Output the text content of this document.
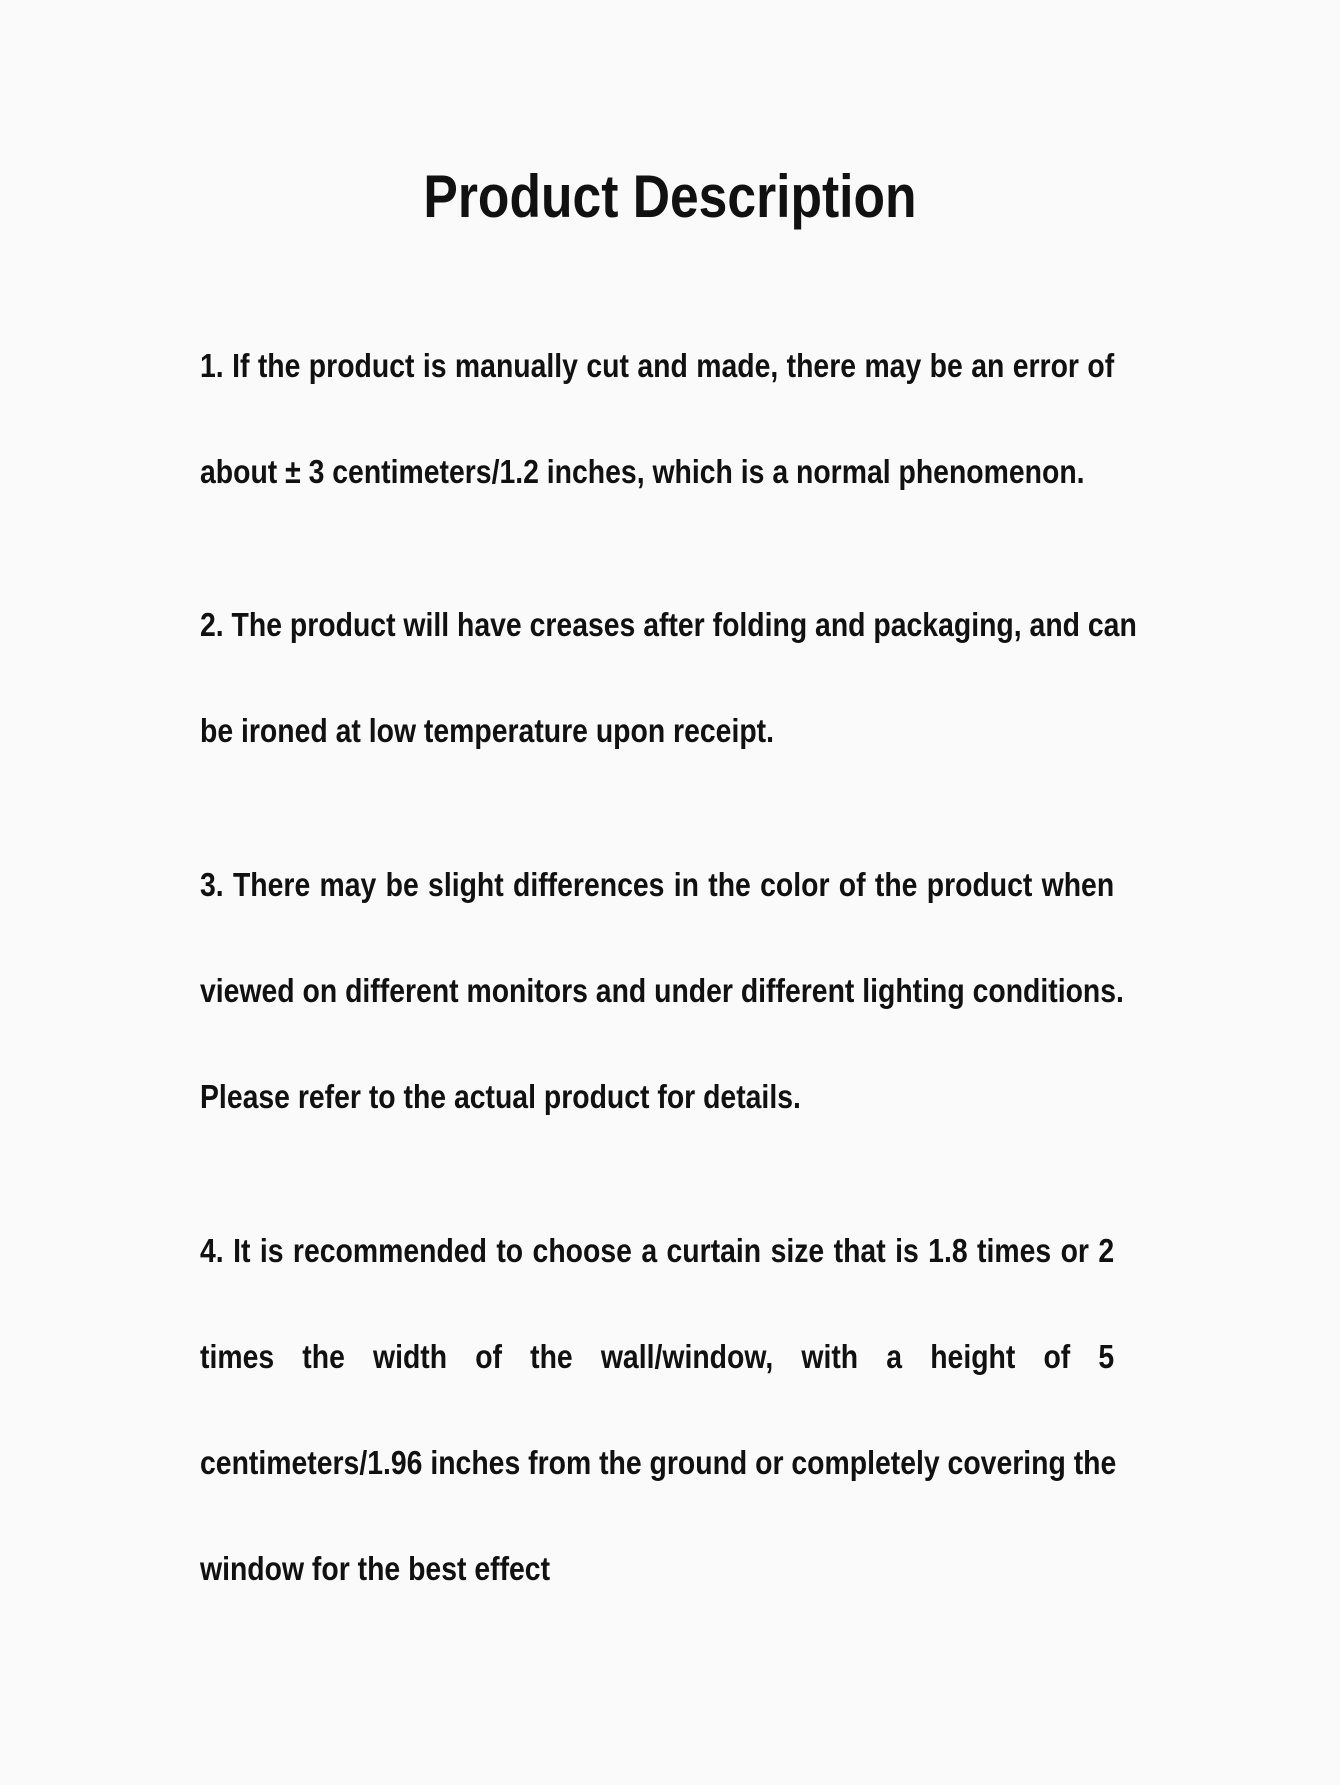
Product Description
1. If the product is manually cut and made, there may be an error of
about ± 3 centimeters/1.2 inches, which is a normal phenomenon.
2. The product will have creases after folding and packaging, and can
be ironed at low temperature upon receipt.
3. There may be slight differences in the color of the product when
viewed on different monitors and under different lighting conditions.
Please refer to the actual product for details.
4. It is recommended to choose a curtain size that is 1.8 times or 2
times the width of the wall/window, with a height of 5
centimeters/1.96 inches from the ground or completely covering the
window for the best effect
